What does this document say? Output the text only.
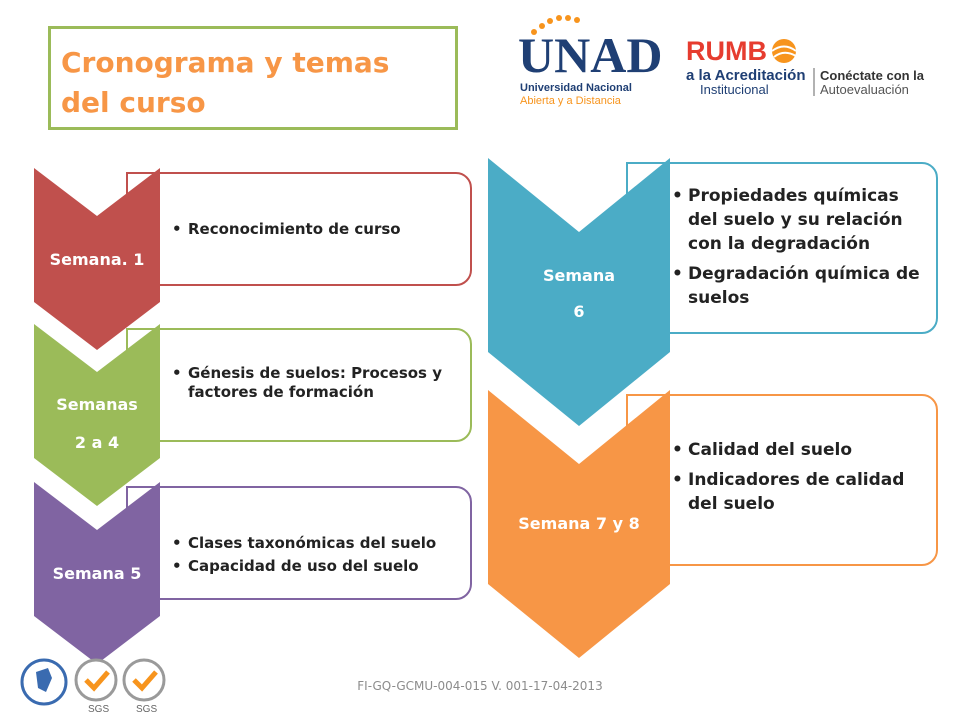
Cronograma y temas del curso
UNAD
Universidad Nacional
Abierta y a Distancia
RUMB
a la Acreditación
Institucional
Conéctate con la
Autoevaluación
• Reconocimiento de curso
Semana. 1
• Génesis de suelos: Procesos y factores de formación
Semanas
2 a 4
• Clases taxonómicas del suelo
• Capacidad de uso del suelo
Semana 5
• Propiedades químicas del suelo y su relación con la degradación
• Degradación química de suelos
Semana
6
• Calidad del suelo
• Indicadores de calidad del suelo
Semana 7 y 8
SGS	SGS
FI-GQ-GCMU-004-015 V. 001-17-04-2013
